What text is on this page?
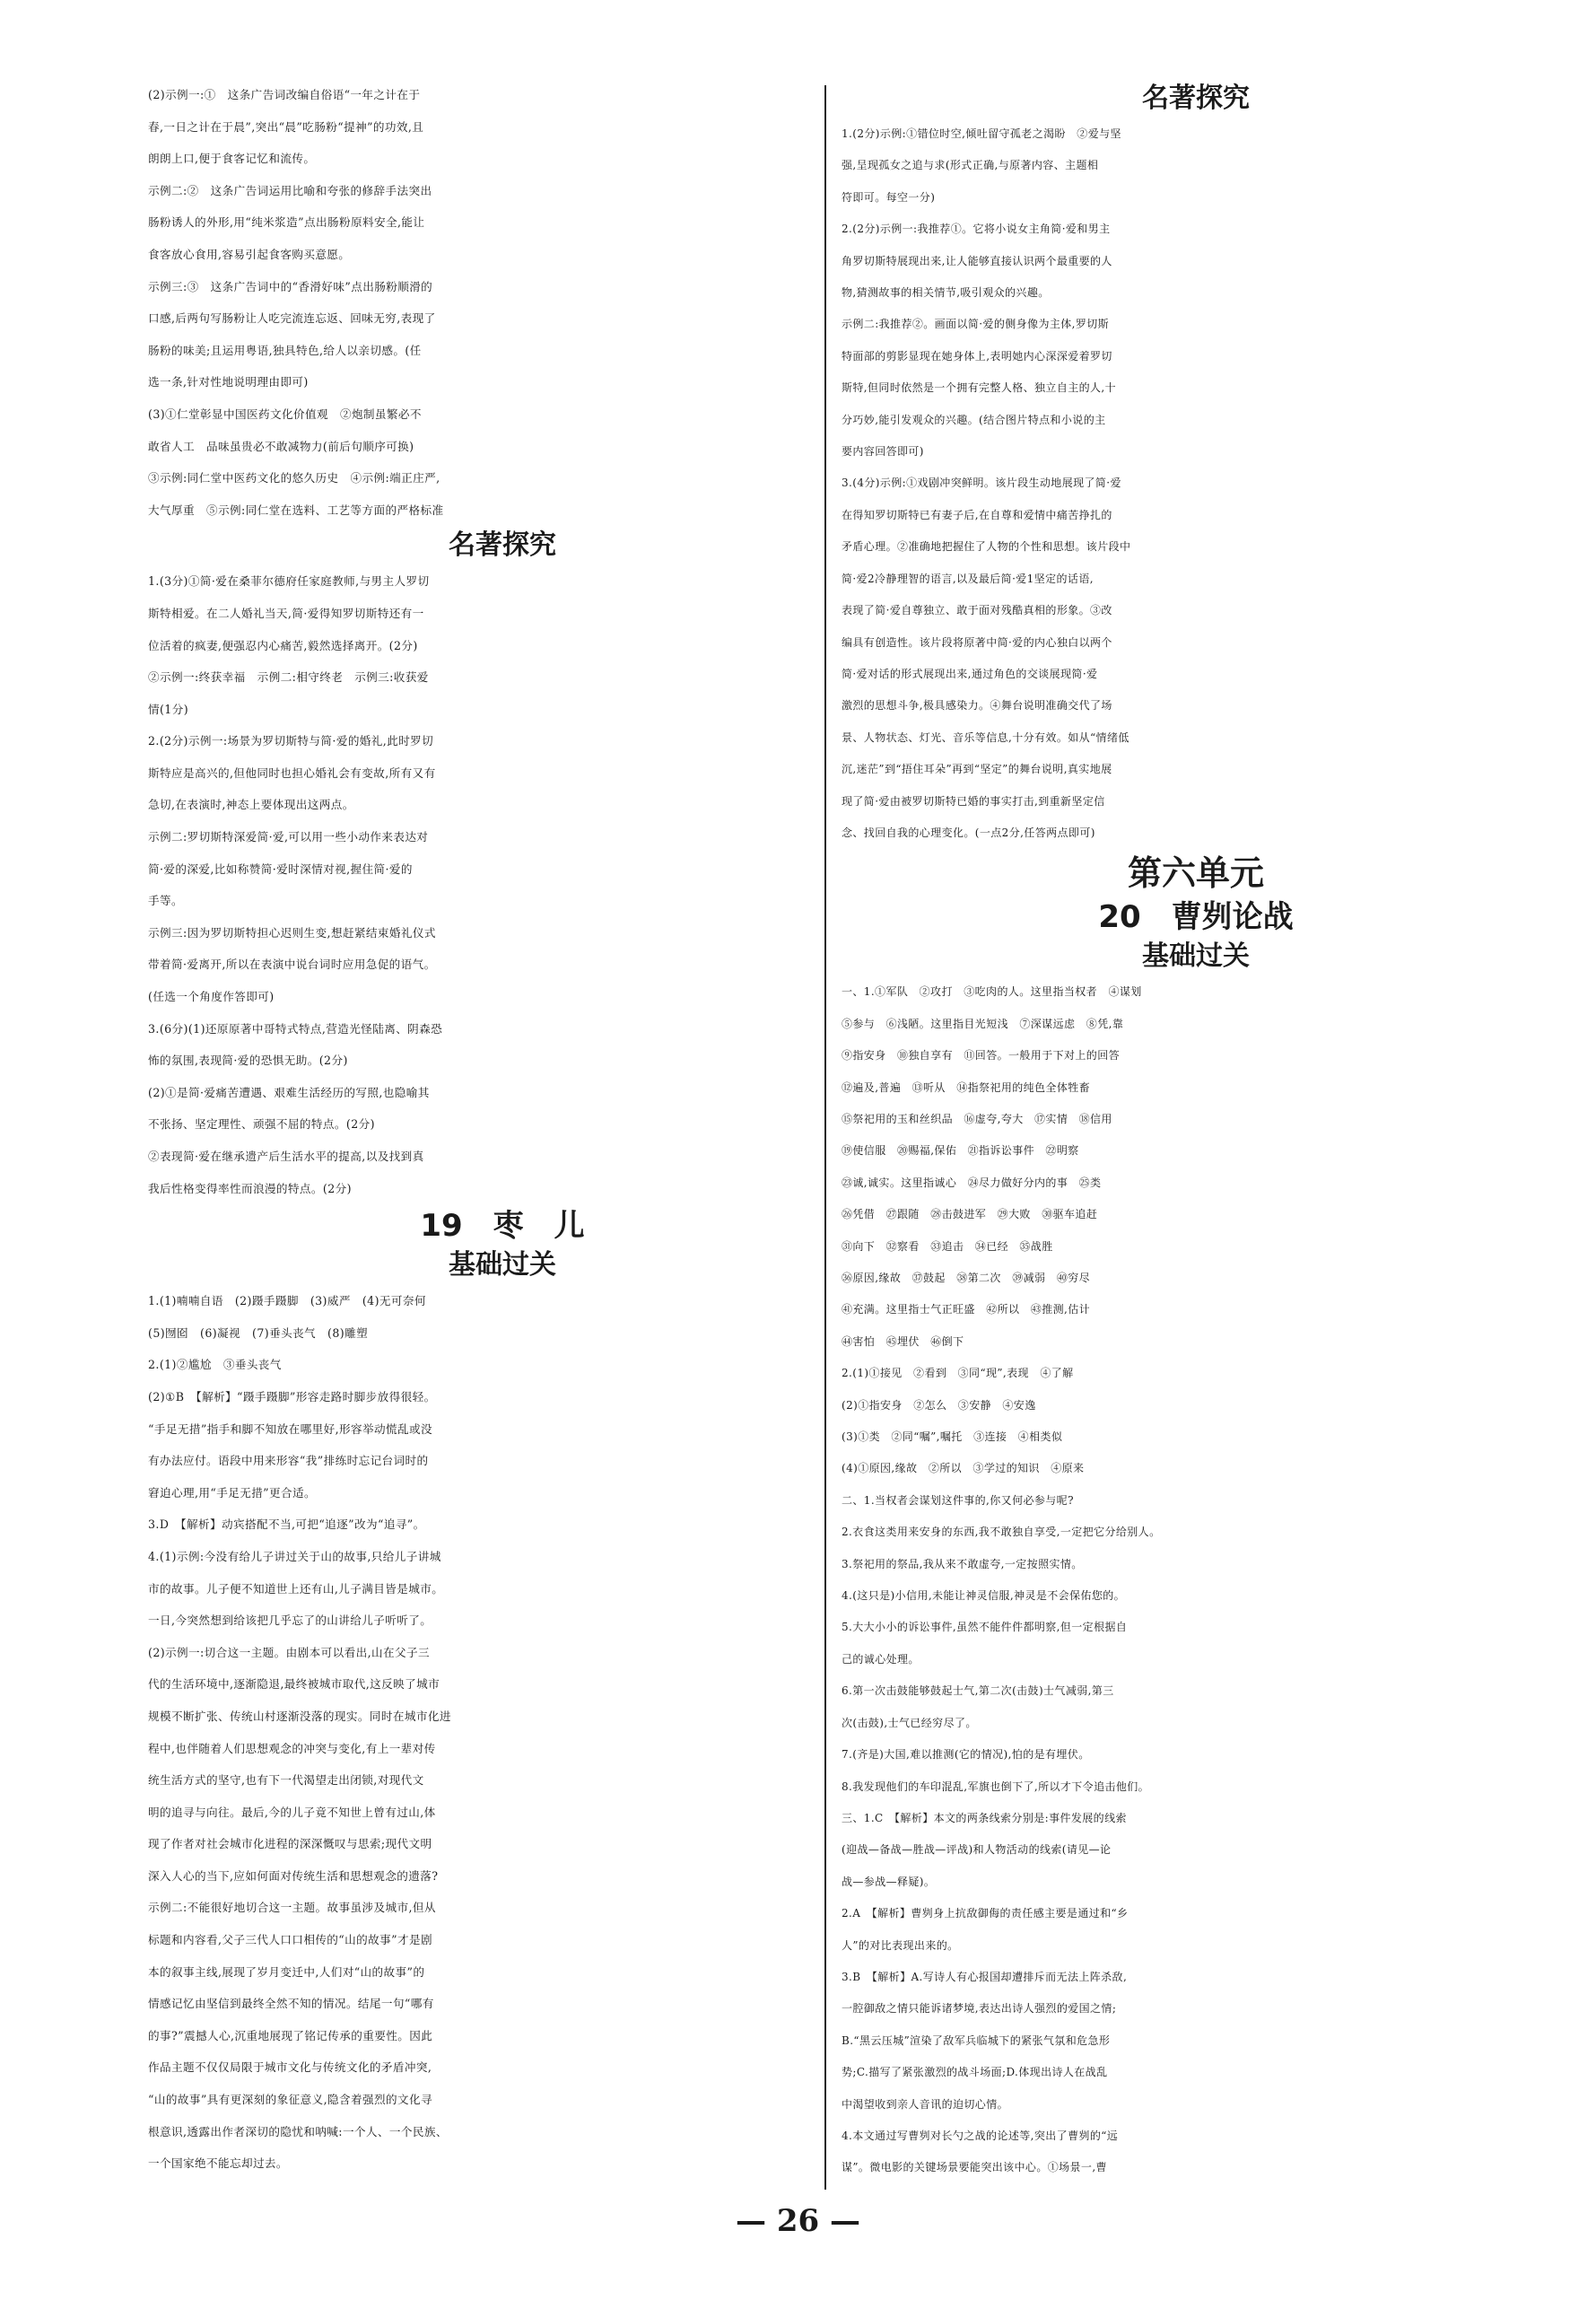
(2)示例一:①　这条广告词改编自俗语“一年之计在于

春,一日之计在于晨”,突出“晨”吃肠粉“提神”的功效,且

朗朗上口,便于食客记忆和流传。

示例二:②　这条广告词运用比喻和夸张的修辞手法突出

肠粉诱人的外形,用“纯米浆造”点出肠粉原料安全,能让

食客放心食用,容易引起食客购买意愿。

示例三:③　这条广告词中的“香滑好味”点出肠粉顺滑的

口感,后两句写肠粉让人吃完流连忘返、回味无穷,表现了

肠粉的味美;且运用粤语,独具特色,给人以亲切感。(任

选一条,针对性地说明理由即可)

(3)①仁堂彰显中国医药文化价值观　②炮制虽繁必不

敢省人工　品味虽贵必不敢减物力(前后句顺序可换)

③示例:同仁堂中医药文化的悠久历史　④示例:端正庄严,

大气厚重　⑤示例:同仁堂在选料、工艺等方面的严格标准

名著探究

1.(3分)①简·爱在桑菲尔德府任家庭教师,与男主人罗切

斯特相爱。在二人婚礼当天,简·爱得知罗切斯特还有一

位活着的疯妻,便强忍内心痛苦,毅然选择离开。(2分)

②示例一:终获幸福　示例二:相守终老　示例三:收获爱

情(1分)

2.(2分)示例一:场景为罗切斯特与简·爱的婚礼,此时罗切

斯特应是高兴的,但他同时也担心婚礼会有变故,所有又有

急切,在表演时,神态上要体现出这两点。

示例二:罗切斯特深爱简·爱,可以用一些小动作来表达对

简·爱的深爱,比如称赞简·爱时深情对视,握住简·爱的

手等。

示例三:因为罗切斯特担心迟则生变,想赶紧结束婚礼仪式

带着简·爱离开,所以在表演中说台词时应用急促的语气。

(任选一个角度作答即可)

3.(6分)(1)还原原著中哥特式特点,营造光怪陆离、阴森恐

怖的氛围,表现简·爱的恐惧无助。(2分)

(2)①是简·爱痛苦遭遇、艰难生活经历的写照,也隐喻其

不张扬、坚定理性、顽强不屈的特点。(2分)

②表现简·爱在继承遗产后生活水平的提高,以及找到真

我后性格变得率性而浪漫的特点。(2分)

19　枣　儿
基础过关

1.(1)喃喃自语　(2)蹑手蹑脚　(3)威严　(4)无可奈何

(5)囫囵　(6)凝视　(7)垂头丧气　(8)雕塑

2.(1)②尴尬　③垂头丧气

(2)①B　【解析】“蹑手蹑脚”形容走路时脚步放得很轻。

“手足无措”指手和脚不知放在哪里好,形容举动慌乱或没

有办法应付。语段中用来形容“我”排练时忘记台词时的

窘迫心理,用“手足无措”更合适。

3.D　【解析】动宾搭配不当,可把“追逐”改为“追寻”。

4.(1)示例:今没有给儿子讲过关于山的故事,只给儿子讲城

市的故事。儿子便不知道世上还有山,儿子满目皆是城市。

一日,今突然想到给该把几乎忘了的山讲给儿子听听了。

(2)示例一:切合这一主题。由剧本可以看出,山在父子三

代的生活环境中,逐渐隐退,最终被城市取代,这反映了城市

规模不断扩张、传统山村逐渐没落的现实。同时在城市化进

程中,也伴随着人们思想观念的冲突与变化,有上一辈对传

统生活方式的坚守,也有下一代渴望走出闭锁,对现代文

明的追寻与向往。最后,今的儿子竟不知世上曾有过山,体

现了作者对社会城市化进程的深深慨叹与思索;现代文明

深入人心的当下,应如何面对传统生活和思想观念的遗落?

示例二:不能很好地切合这一主题。故事虽涉及城市,但从

标题和内容看,父子三代人口口相传的“山的故事”才是剧

本的叙事主线,展现了岁月变迁中,人们对“山的故事”的

情感记忆由坚信到最终全然不知的情况。结尾一句“哪有

的事?”震撼人心,沉重地展现了铭记传承的重要性。因此

作品主题不仅仅局限于城市文化与传统文化的矛盾冲突,

“山的故事”具有更深刻的象征意义,隐含着强烈的文化寻

根意识,透露出作者深切的隐忧和呐喊:一个人、一个民族、

一个国家绝不能忘却过去。

名著探究

1.(2分)示例:①错位时空,倾吐留守孤老之渴盼　②爱与坚

强,呈现孤女之追与求(形式正确,与原著内容、主题相

符即可。每空一分)

2.(2分)示例一:我推荐①。它将小说女主角简·爱和男主

角罗切斯特展现出来,让人能够直接认识两个最重要的人

物,猜测故事的相关情节,吸引观众的兴趣。

示例二:我推荐②。画面以简·爱的侧身像为主体,罗切斯

特面部的剪影显现在她身体上,表明她内心深深爱着罗切

斯特,但同时依然是一个拥有完整人格、独立自主的人,十

分巧妙,能引发观众的兴趣。(结合图片特点和小说的主

要内容回答即可)

3.(4分)示例:①戏剧冲突鲜明。该片段生动地展现了简·爱

在得知罗切斯特已有妻子后,在自尊和爱情中痛苦挣扎的

矛盾心理。②准确地把握住了人物的个性和思想。该片段中

简·爱2冷静理智的语言,以及最后简·爱1坚定的话语,

表现了简·爱自尊独立、敢于面对残酷真相的形象。③改

编具有创造性。该片段将原著中简·爱的内心独白以两个

简·爱对话的形式展现出来,通过角色的交谈展现简·爱

激烈的思想斗争,极具感染力。④舞台说明准确交代了场

景、人物状态、灯光、音乐等信息,十分有效。如从“情绪低

沉,迷茫”到“捂住耳朵”再到“坚定”的舞台说明,真实地展

现了简·爱由被罗切斯特已婚的事实打击,到重新坚定信

念、找回自我的心理变化。(一点2分,任答两点即可)

第六单元
20　曹刿论战
基础过关

一、1.①军队　②攻打　③吃肉的人。这里指当权者　④谋划

⑤参与　⑥浅陋。这里指目光短浅　⑦深谋远虑　⑧凭,靠

⑨指安身　⑩独自享有　⑪回答。一般用于下对上的回答

⑫遍及,普遍　⑬听从　⑭指祭祀用的纯色全体牲畜

⑮祭祀用的玉和丝织品　⑯虚夸,夸大　⑰实情　⑱信用

⑲使信服　⑳赐福,保佑　㉑指诉讼事件　㉒明察

㉓诚,诚实。这里指诚心　㉔尽力做好分内的事　㉕类

㉖凭借　㉗跟随　㉘击鼓进军　㉙大败　㉚驱车追赶

㉛向下　㉜察看　㉝追击　㉞已经　㉟战胜

㊱原因,缘故　㊲鼓起　㊳第二次　㊴减弱　㊵穷尽

㊶充满。这里指士气正旺盛　㊷所以　㊸推测,估计

㊹害怕　㊺埋伏　㊻倒下

2.(1)①接见　②看到　③同“现”,表现　④了解

(2)①指安身　②怎么　③安静　④安逸

(3)①类　②同“嘱”,嘱托　③连接　④相类似

(4)①原因,缘故　②所以　③学过的知识　④原来

二、1.当权者会谋划这件事的,你又何必参与呢?

2.衣食这类用来安身的东西,我不敢独自享受,一定把它分给别人。

3.祭祀用的祭品,我从来不敢虚夸,一定按照实情。

4.(这只是)小信用,未能让神灵信服,神灵是不会保佑您的。

5.大大小小的诉讼事件,虽然不能件件都明察,但一定根据自

己的诚心处理。

6.第一次击鼓能够鼓起士气,第二次(击鼓)士气减弱,第三

次(击鼓),士气已经穷尽了。

7.(齐是)大国,难以推测(它的情况),怕的是有埋伏。

8.我发现他们的车印混乱,军旗也倒下了,所以才下令追击他们。

三、1.C　【解析】本文的两条线索分别是:事件发展的线索

(迎战—备战—胜战—评战)和人物活动的线索(请见—论

战—参战—释疑)。

2.A　【解析】曹刿身上抗敌御侮的责任感主要是通过和“乡

人”的对比表现出来的。

3.B　【解析】A.写诗人有心报国却遭排斥而无法上阵杀敌,

一腔御敌之情只能诉诸梦境,表达出诗人强烈的爱国之情;

B.“黑云压城”渲染了敌军兵临城下的紧张气氛和危急形

势;C.描写了紧张激烈的战斗场面;D.体现出诗人在战乱

中渴望收到亲人音讯的迫切心情。

4.本文通过写曹刿对长勺之战的论述等,突出了曹刿的“远

谋”。微电影的关键场景要能突出该中心。①场景一,曹

— 26 —
